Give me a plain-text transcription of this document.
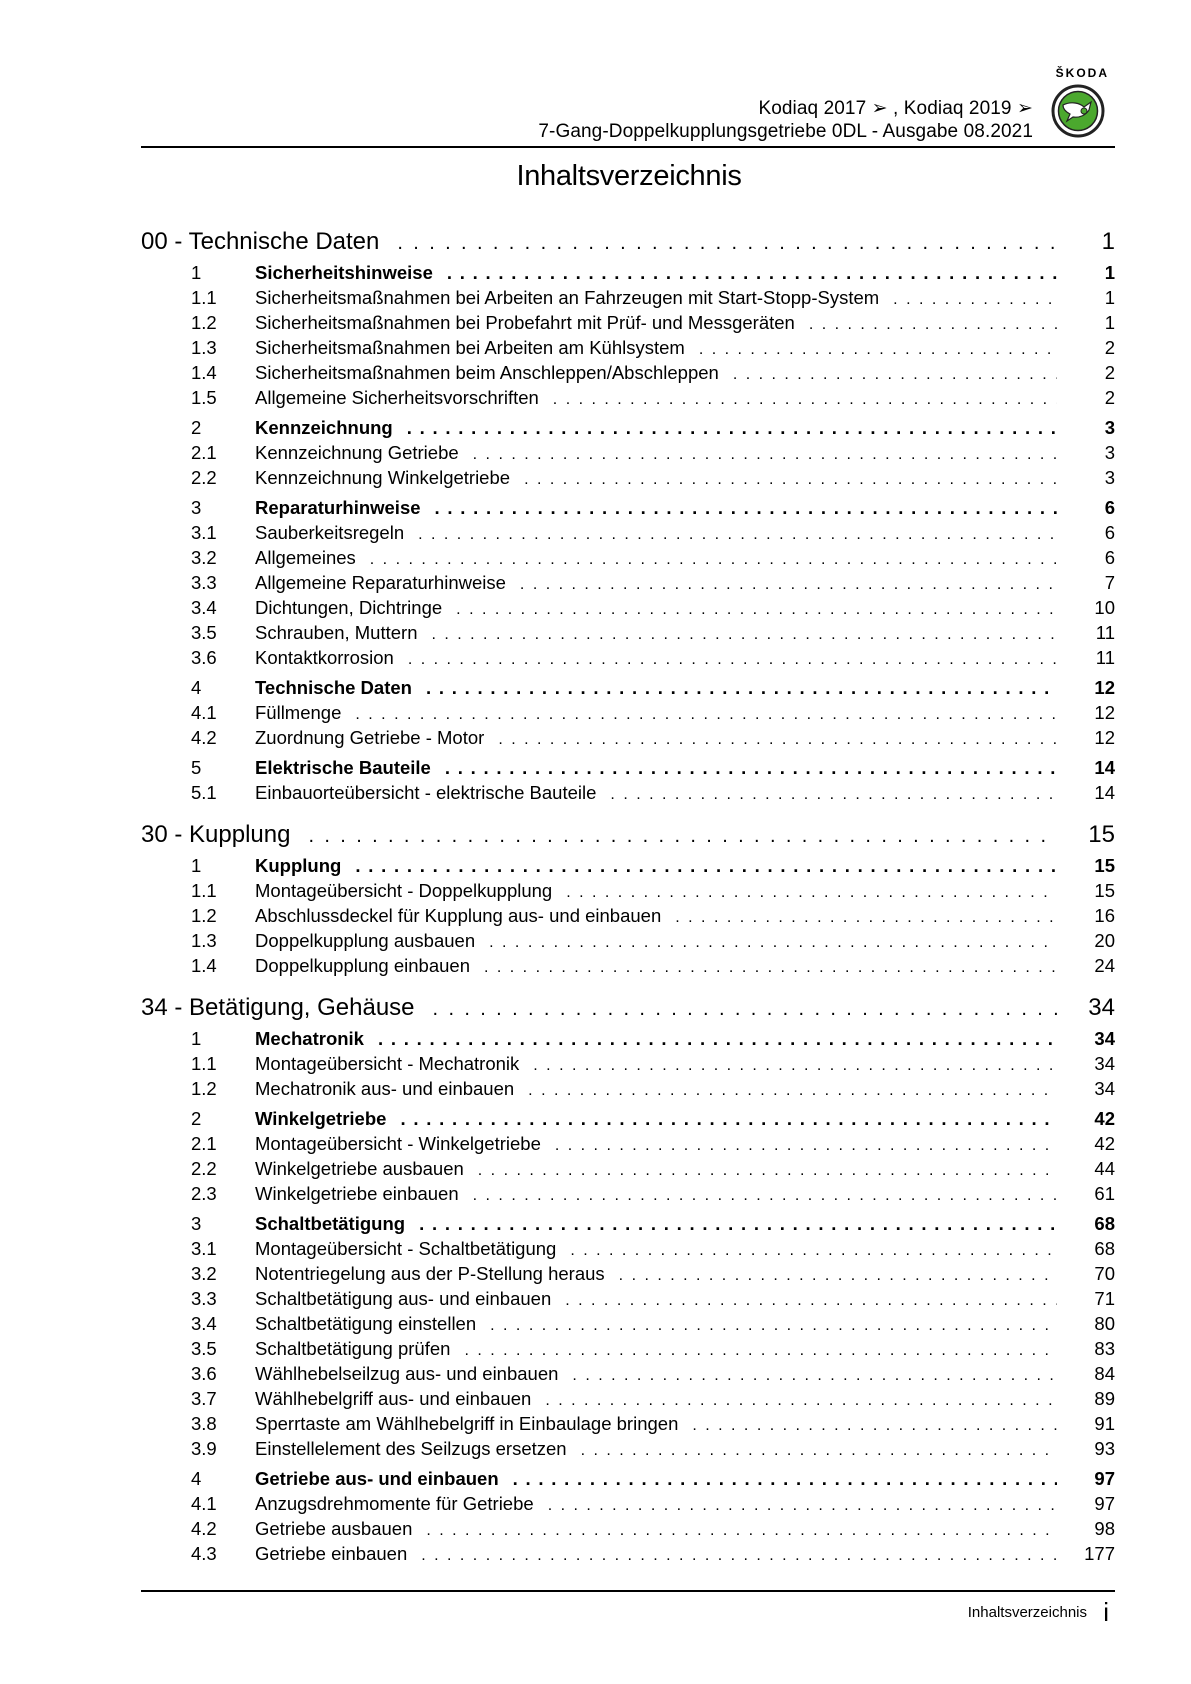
ŠKODA
Kodiaq 2017 ➢ , Kodiaq 2019 ➢
7-Gang-Doppelkupplungsgetriebe 0DL - Ausgabe 08.2021
Inhaltsverzeichnis
00 - Technische Daten . . .	1
1	Sicherheitshinweise . . .	1
1.1	Sicherheitsmaßnahmen bei Arbeiten an Fahrzeugen mit Start-Stopp-System . . .	1
1.2	Sicherheitsmaßnahmen bei Probefahrt mit Prüf- und Messgeräten . . .	1
1.3	Sicherheitsmaßnahmen bei Arbeiten am Kühlsystem . . .	2
1.4	Sicherheitsmaßnahmen beim Anschleppen/Abschleppen . . .	2
1.5	Allgemeine Sicherheitsvorschriften . . .	2
2	Kennzeichnung . . .	3
2.1	Kennzeichnung Getriebe . . .	3
2.2	Kennzeichnung Winkelgetriebe . . .	3
3	Reparaturhinweise . . .	6
3.1	Sauberkeitsregeln . . .	6
3.2	Allgemeines . . .	6
3.3	Allgemeine Reparaturhinweise . . .	7
3.4	Dichtungen, Dichtringe . . .	10
3.5	Schrauben, Muttern . . .	11
3.6	Kontaktkorrosion . . .	11
4	Technische Daten . . .	12
4.1	Füllmenge . . .	12
4.2	Zuordnung Getriebe - Motor . . .	12
5	Elektrische Bauteile . . .	14
5.1	Einbauorteübersicht - elektrische Bauteile . . .	14
30 - Kupplung . . .	15
1	Kupplung . . .	15
1.1	Montageübersicht - Doppelkupplung . . .	15
1.2	Abschlussdeckel für Kupplung aus- und einbauen . . .	16
1.3	Doppelkupplung ausbauen . . .	20
1.4	Doppelkupplung einbauen . . .	24
34 - Betätigung, Gehäuse . . .	34
1	Mechatronik . . .	34
1.1	Montageübersicht - Mechatronik . . .	34
1.2	Mechatronik aus- und einbauen . . .	34
2	Winkelgetriebe . . .	42
2.1	Montageübersicht - Winkelgetriebe . . .	42
2.2	Winkelgetriebe ausbauen . . .	44
2.3	Winkelgetriebe einbauen . . .	61
3	Schaltbetätigung . . .	68
3.1	Montageübersicht - Schaltbetätigung . . .	68
3.2	Notentriegelung aus der P-Stellung heraus . . .	70
3.3	Schaltbetätigung aus- und einbauen . . .	71
3.4	Schaltbetätigung einstellen . . .	80
3.5	Schaltbetätigung prüfen . . .	83
3.6	Wählhebelseilzug aus- und einbauen . . .	84
3.7	Wählhebelgriff aus- und einbauen . . .	89
3.8	Sperrtaste am Wählhebelgriff in Einbaulage bringen . . .	91
3.9	Einstellelement des Seilzugs ersetzen . . .	93
4	Getriebe aus- und einbauen . . .	97
4.1	Anzugsdrehmomente für Getriebe . . .	97
4.2	Getriebe ausbauen . . .	98
4.3	Getriebe einbauen . . .	177
Inhaltsverzeichnis i
